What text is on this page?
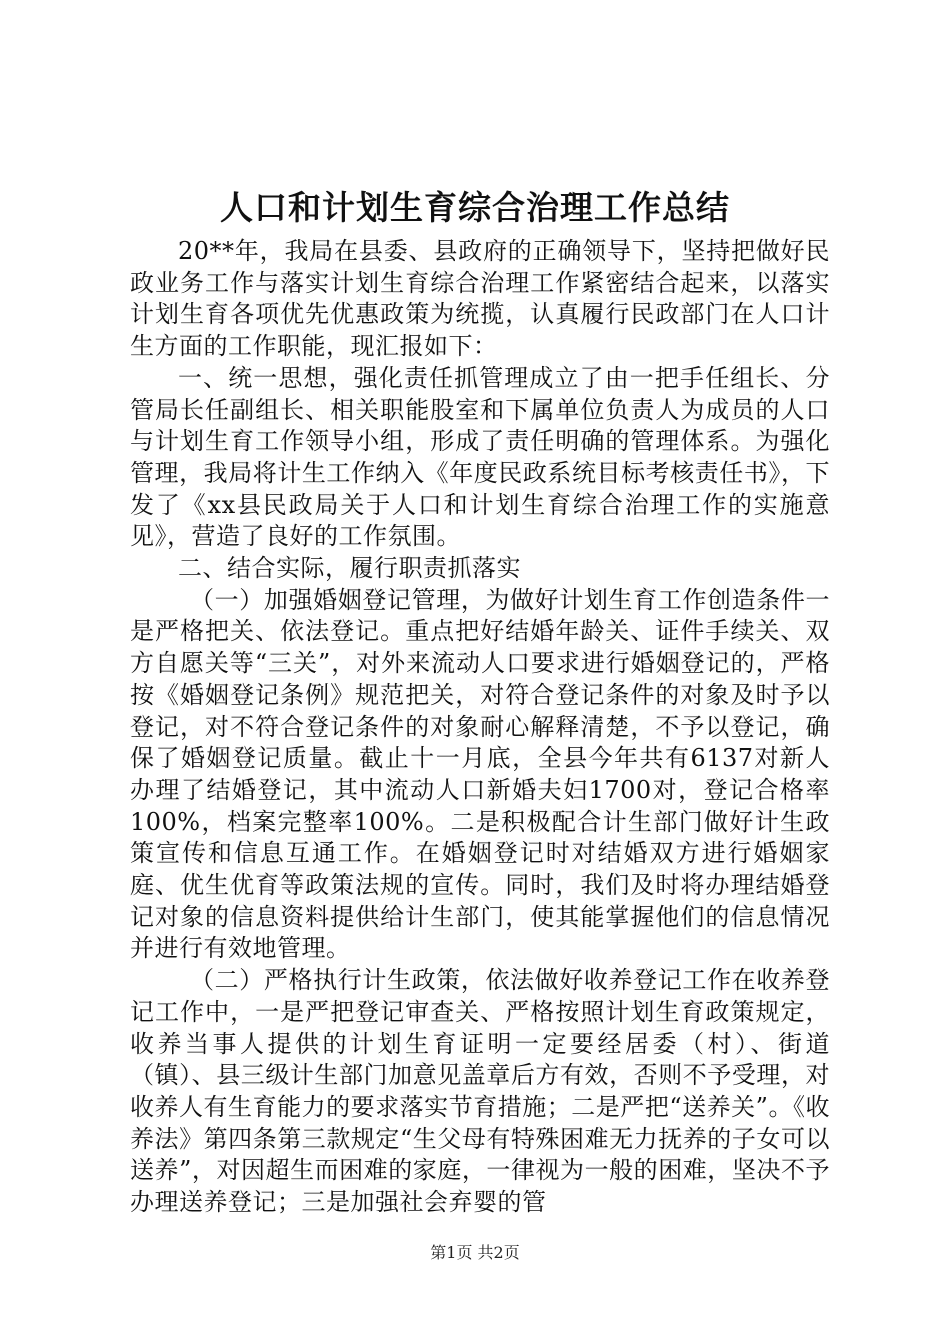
人口和计划生育综合治理工作总结

20**年，我局在县委、县政府的正确领导下，坚持把做好民政业务工作与落实计划生育综合治理工作紧密结合起来，以落实计划生育各项优先优惠政策为统揽，认真履行民政部门在人口计生方面的工作职能，现汇报如下：

一、统一思想，强化责任抓管理成立了由一把手任组长、分管局长任副组长、相关职能股室和下属单位负责人为成员的人口与计划生育工作领导小组，形成了责任明确的管理体系。为强化管理，我局将计生工作纳入《年度民政系统目标考核责任书》，下发了《xx县民政局关于人口和计划生育综合治理工作的实施意见》，营造了良好的工作氛围。

二、结合实际，履行职责抓落实

（一）加强婚姻登记管理，为做好计划生育工作创造条件一是严格把关、依法登记。重点把好结婚年龄关、证件手续关、双方自愿关等“三关”，对外来流动人口要求进行婚姻登记的，严格按《婚姻登记条例》规范把关，对符合登记条件的对象及时予以登记，对不符合登记条件的对象耐心解释清楚，不予以登记，确保了婚姻登记质量。截止十一月底，全县今年共有6137对新人办理了结婚登记，其中流动人口新婚夫妇1700对，登记合格率100%，档案完整率100%。二是积极配合计生部门做好计生政策宣传和信息互通工作。在婚姻登记时对结婚双方进行婚姻家庭、优生优育等政策法规的宣传。同时，我们及时将办理结婚登记对象的信息资料提供给计生部门，使其能掌握他们的信息情况并进行有效地管理。

（二）严格执行计生政策，依法做好收养登记工作在收养登记工作中，一是严把登记审查关、严格按照计划生育政策规定，收养当事人提供的计划生育证明一定要经居委（村）、街道（镇）、县三级计生部门加意见盖章后方有效，否则不予受理，对收养人有生育能力的要求落实节育措施；二是严把“送养关”。《收养法》第四条第三款规定“生父母有特殊困难无力抚养的子女可以送养”，对因超生而困难的家庭，一律视为一般的困难，坚决不予办理送养登记；三是加强社会弃婴的管

第1页 共2页
